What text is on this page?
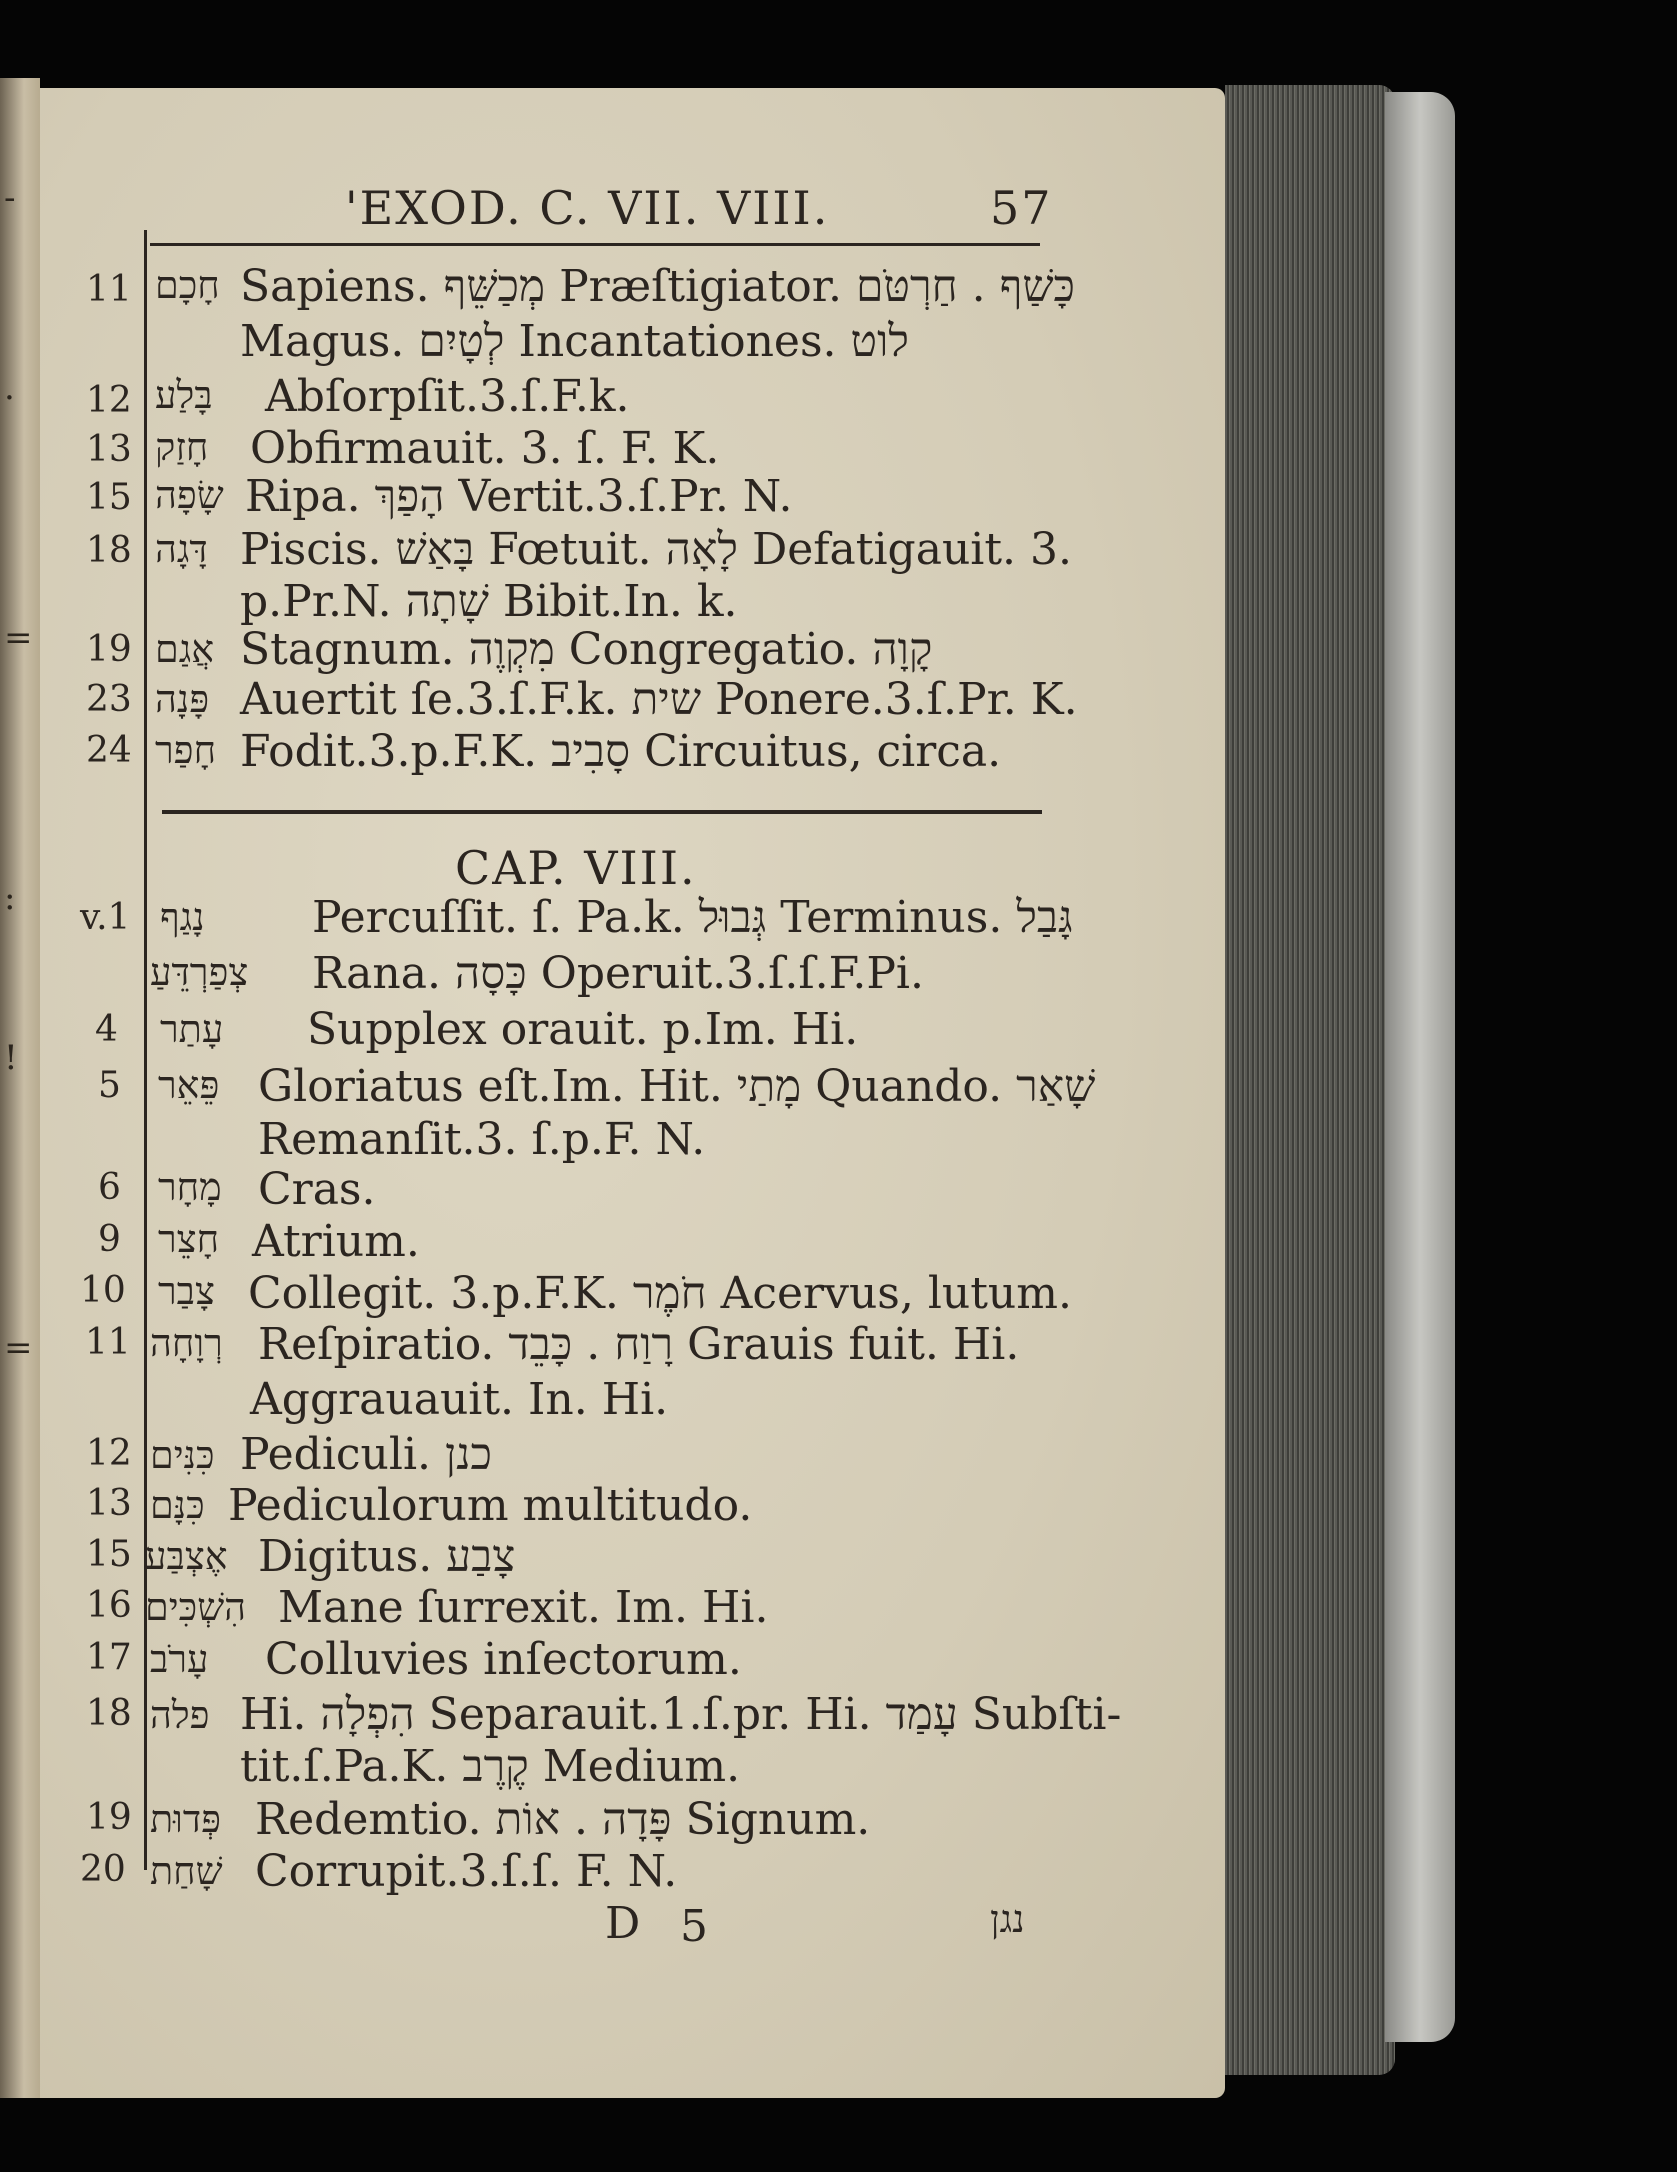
-
.
=
:
=
!
'EXOD. C. VII. VIII.	57
11 חָכָם Sapiens. מְכַשֵּׁף Præſtigiator. כָּשַׁף . חַרְטֹּם
Magus. לְטָיִם Incantationes. לוט
12 בָּלַע Abſorpſit.3.ſ.F.k.
13 חָזַק Obfirmauit. 3. ſ. F. K.
15 שָׂפָה Ripa. הָפַךְ Vertit.3.ſ.Pr. N.
18 דָּגָה Piscis. בָּאַשׁ Fœtuit. לָאָה Defatigauit. 3.
p.Pr.N. שָׁתָה Bibit.In. k.
19 אֲגַם Stagnum. מִקְוֶה Congregatio. קָוָה
23 פָּנָה Auertit ſe.3.ſ.F.k. שית Ponere.3.ſ.Pr. K.
24 חָפַר Fodit.3.p.F.K. סָבִיב Circuitus, circa.
CAP. VIII.
v.1 נָגַף Percuſſit. ſ. Pa.k. גְּבוּל Terminus. גָּבַל
צְפַרְדֵּעַ Rana. כָּסָה Operuit.3.ſ.ſ.F.Pi.
4 עָתַר Supplex orauit. p.Im. Hi.
5 פֵּאֵר Gloriatus eſt.Im. Hit. מָתַי Quando. שָׁאַר
Remanſit.3. ſ.p.F. N.
6 מָחָר Cras.
9 חָצֵר Atrium.
10 צָבַר Collegit. 3.p.F.K. חֹמֶר Acervus, lutum.
11 רְוָחָה Reſpiratio. רָוַח . כָּבֵד Grauis fuit. Hi.
Aggrauauit. In. Hi.
12 כִּנִּים Pediculi. כנן
13 כִּנָּם Pediculorum multitudo.
15 אֶצְבַּע Digitus. צָבַע
16 הִשְׁכִּים Mane ſurrexit. Im. Hi.
17 עָרֹב Colluvies inſectorum.
18 פלה Hi. הִפְלָה Separauit.1.ſ.pr. Hi. עָמַד Subſti-
tit.ſ.Pa.K. קֶרֶב Medium.
19 פְּדוּת Redemtio. פָּדָה . אוֹת Signum.
20 שָׁחַת Corrupit.3.ſ.ſ. F. N.
D 5	נגן
